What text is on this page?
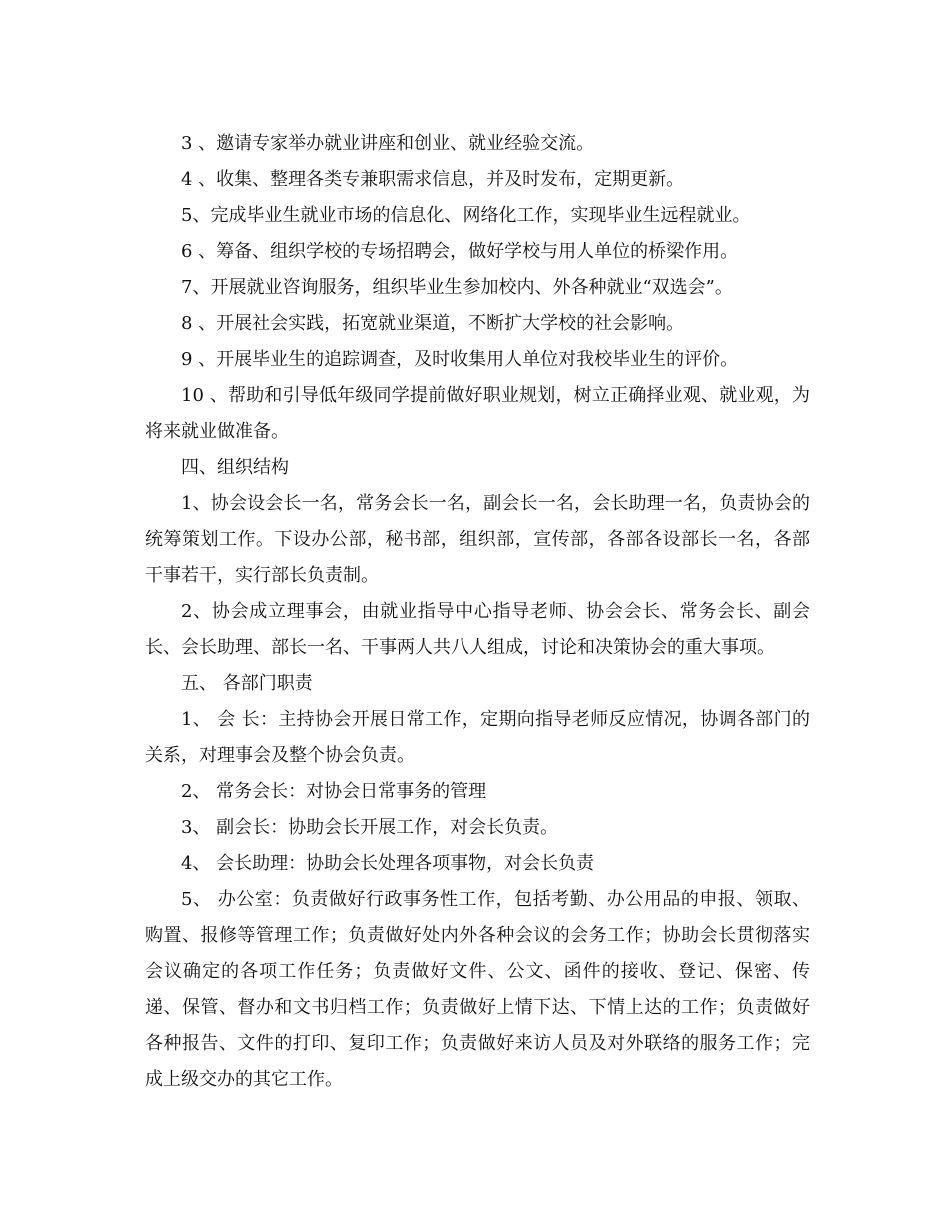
3 、邀请专家举办就业讲座和创业、就业经验交流。

4 、收集、整理各类专兼职需求信息，并及时发布，定期更新。

5、完成毕业生就业市场的信息化、网络化工作，实现毕业生远程就业。

6 、筹备、组织学校的专场招聘会，做好学校与用人单位的桥梁作用。

7、开展就业咨询服务，组织毕业生参加校内、外各种就业“双选会”。

8 、开展社会实践，拓宽就业渠道，不断扩大学校的社会影响。

9 、开展毕业生的追踪调查，及时收集用人单位对我校毕业生的评价。

10 、帮助和引导低年级同学提前做好职业规划，树立正确择业观、就业观，为将来就业做准备。

四、组织结构

1、协会设会长一名，常务会长一名，副会长一名，会长助理一名，负责协会的统筹策划工作。下设办公部，秘书部，组织部，宣传部，各部各设部长一名，各部干事若干，实行部长负责制。

2、协会成立理事会，由就业指导中心指导老师、协会会长、常务会长、副会长、会长助理、部长一名、干事两人共八人组成，讨论和决策协会的重大事项。

五、 各部门职责

1、 会 长：主持协会开展日常工作，定期向指导老师反应情况，协调各部门的关系，对理事会及整个协会负责。

2、 常务会长：对协会日常事务的管理

3、 副会长：协助会长开展工作，对会长负责。

4、 会长助理：协助会长处理各项事物，对会长负责

5、 办公室：负责做好行政事务性工作，包括考勤、办公用品的申报、领取、购置、报修等管理工作；负责做好处内外各种会议的会务工作；协助会长贯彻落实会议确定的各项工作任务；负责做好文件、公文、函件的接收、登记、保密、传递、保管、督办和文书归档工作；负责做好上情下达、下情上达的工作；负责做好各种报告、文件的打印、复印工作；负责做好来访人员及对外联络的服务工作；完成上级交办的其它工作。
